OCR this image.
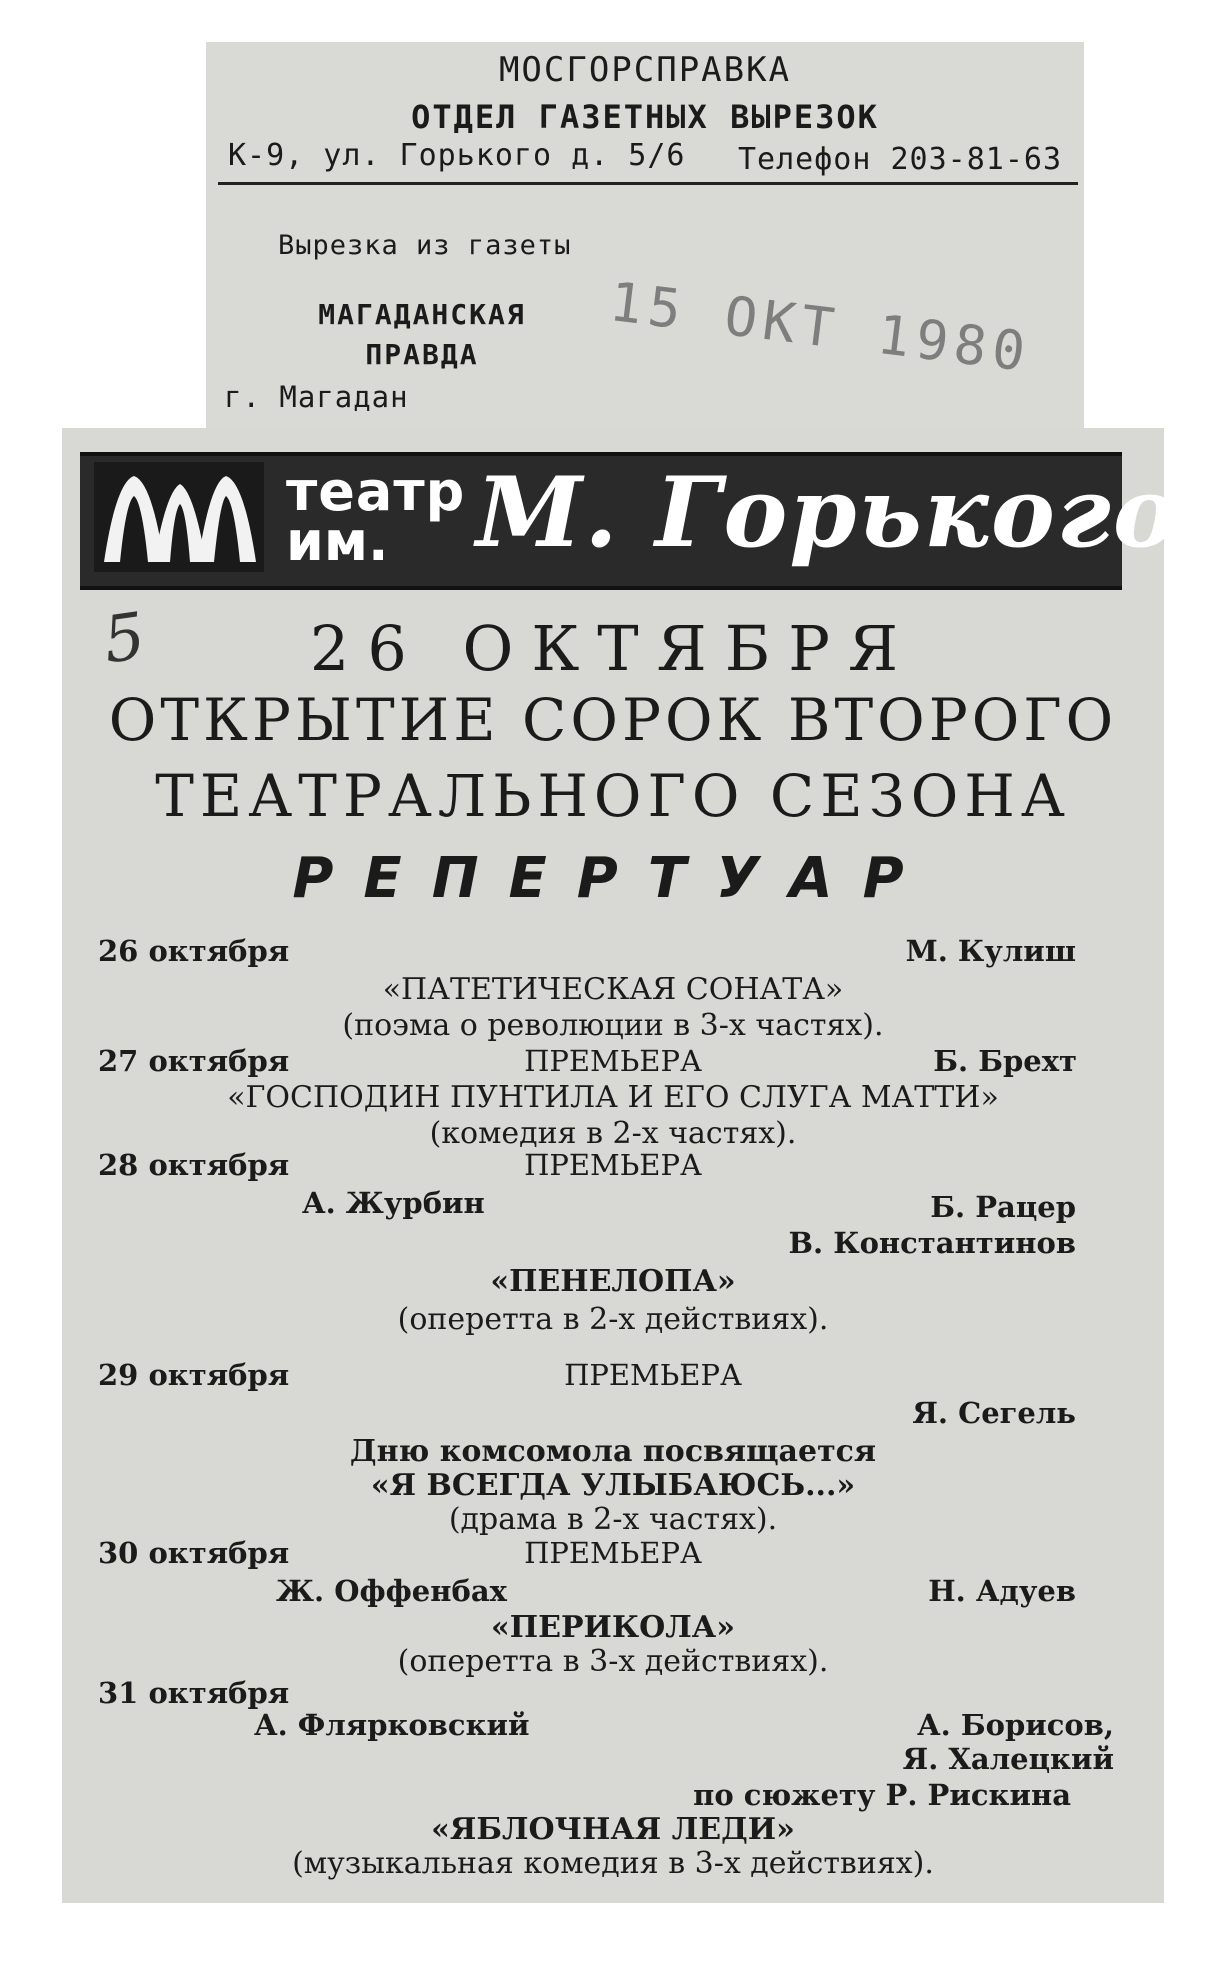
МОСГОРСПРАВКА
ОТДЕЛ ГАЗЕТНЫХ ВЫРЕЗОК
К-9, ул. Горького д. 5/6 Телефон 203-81-63
Вырезка из газеты
МАГАДАНСКАЯ
ПРАВДА
г. Магадан
15 ОКТ 1980
театр
им. М. Горького
5	26 ОКТЯБРЯ
ОТКРЫТИЕ СОРОК ВТОРОГО
ТЕАТРАЛЬНОГО СЕЗОНА
РЕПЕРТУАР
26 октября	М. Кулиш
«ПАТЕТИЧЕСКАЯ СОНАТА»
(поэма о революции в 3-х частях).
27 октября	ПРЕМЬЕРА	Б. Брехт
«ГОСПОДИН ПУНТИЛА И ЕГО СЛУГА МАТТИ»
(комедия в 2-х частях).
28 октября	ПРЕМЬЕРА
А. Журбин	Б. Рацер
В. Константинов
«ПЕНЕЛОПА»
(оперетта в 2-х действиях).
29 октября	ПРЕМЬЕРА
Я. Сегель
Дню комсомола посвящается
«Я ВСЕГДА УЛЫБАЮСЬ...»
(драма в 2-х частях).
30 октября	ПРЕМЬЕРА
Ж. Оффенбах	Н. Адуев
«ПЕРИКОЛА»
(оперетта в 3-х действиях).
31 октября
А. Флярковский	А. Борисов,
Я. Халецкий
по сюжету Р. Рискина
«ЯБЛОЧНАЯ ЛЕДИ»
(музыкальная комедия в 3-х действиях).
